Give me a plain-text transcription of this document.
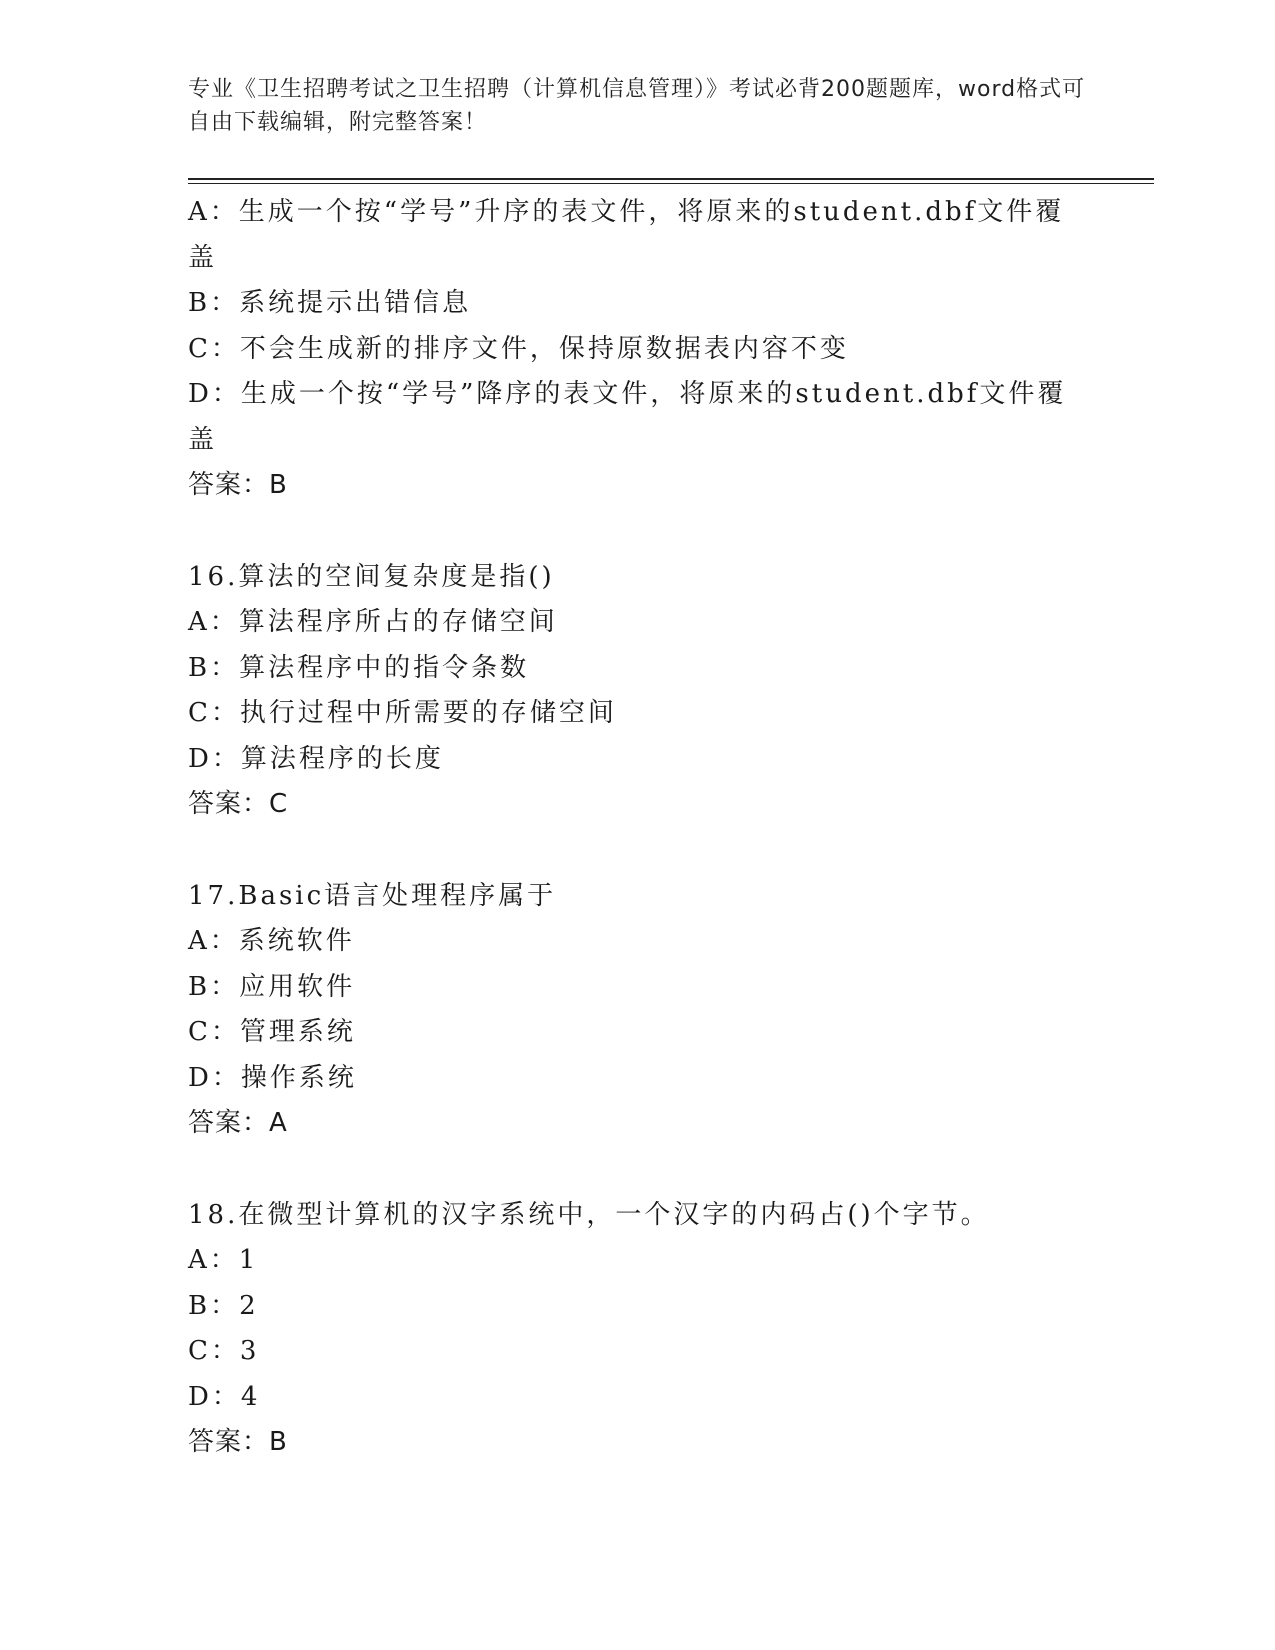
专业《卫生招聘考试之卫生招聘（计算机信息管理）》考试必背200题题库，word格式可自由下载编辑，附完整答案！

A：生成一个按“学号”升序的表文件，将原来的student.dbf文件覆盖

B：系统提示出错信息

C：不会生成新的排序文件，保持原数据表内容不变

D：生成一个按“学号”降序的表文件，将原来的student.dbf文件覆盖

答案：B

16.算法的空间复杂度是指()

A：算法程序所占的存储空间

B：算法程序中的指令条数

C：执行过程中所需要的存储空间

D：算法程序的长度

答案：C

17.Basic语言处理程序属于

A：系统软件

B：应用软件

C：管理系统

D：操作系统

答案：A

18.在微型计算机的汉字系统中，一个汉字的内码占()个字节。

A：1

B：2

C：3

D：4

答案：B
